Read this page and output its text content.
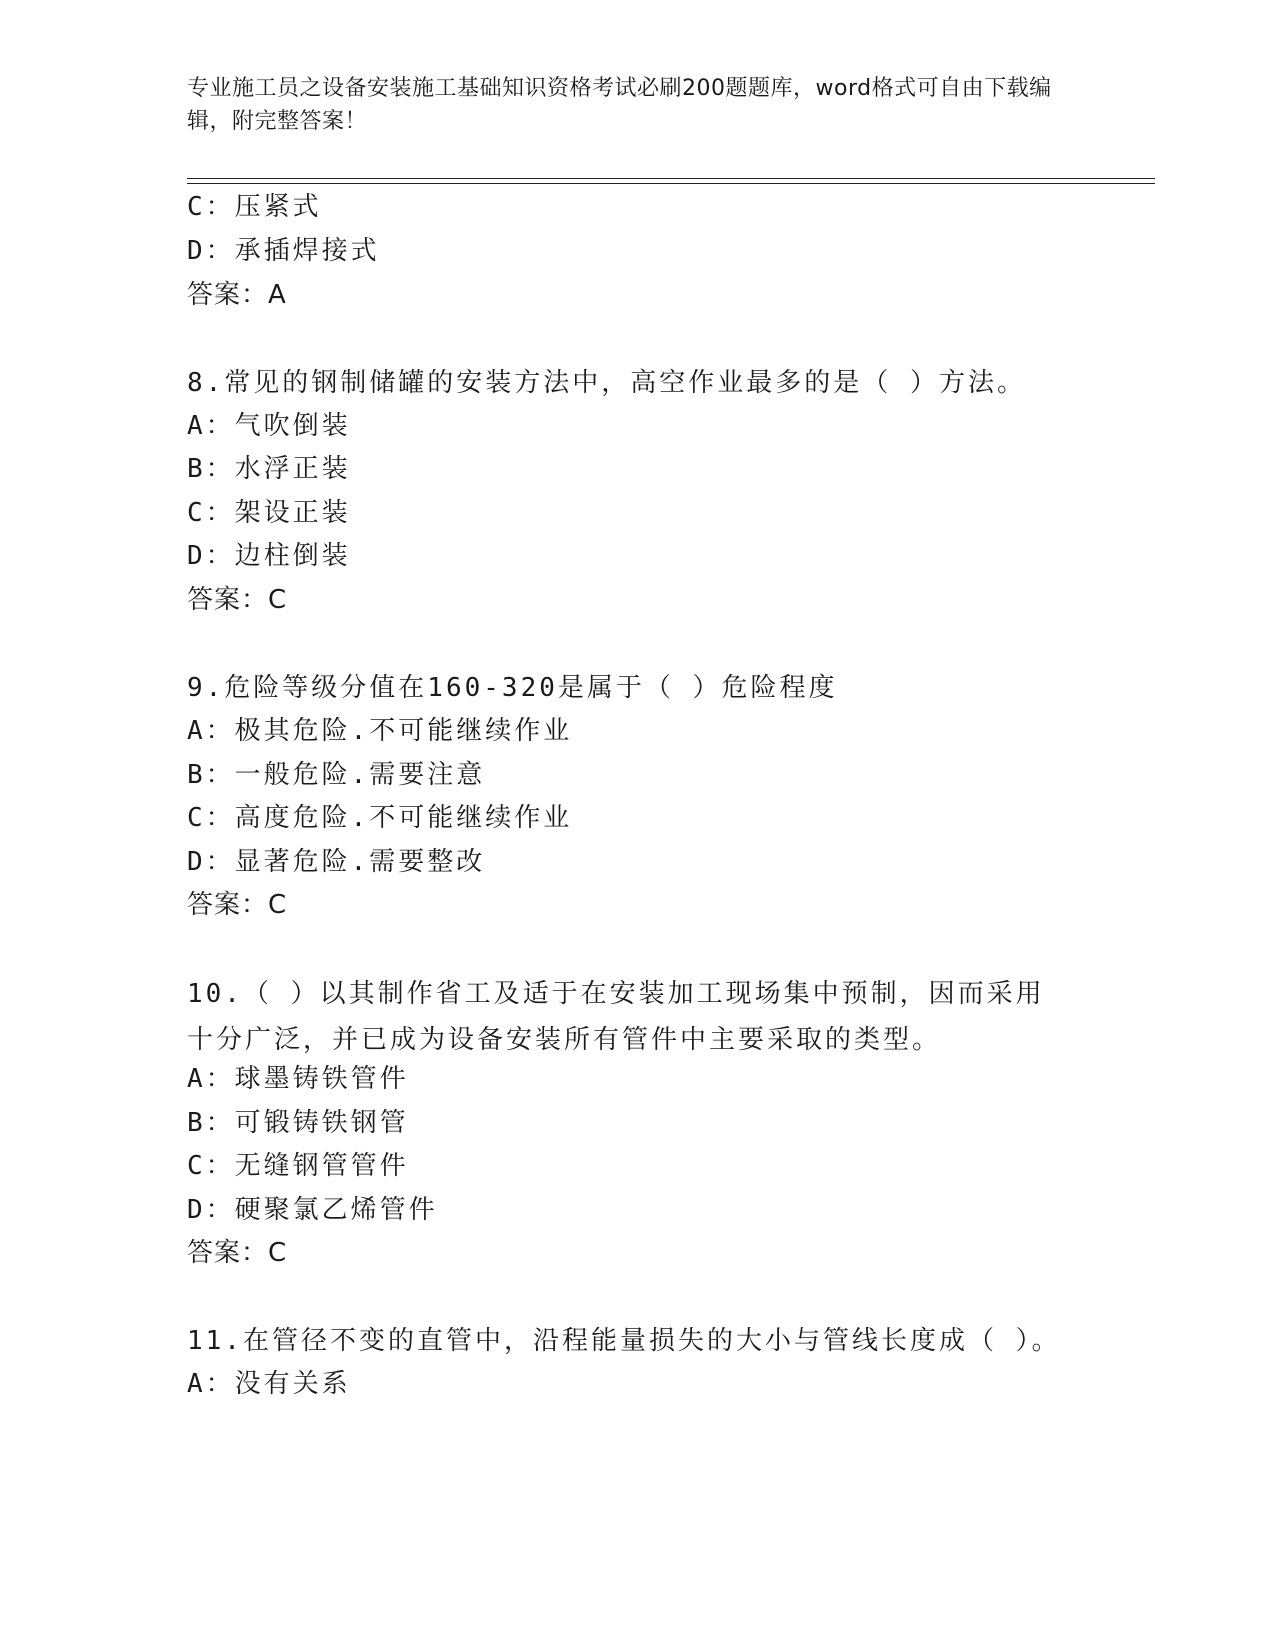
专业施工员之设备安装施工基础知识资格考试必刷200题题库，word格式可自由下载编辑，附完整答案！
C：压紧式
D：承插焊接式
答案：A
8.常见的钢制储罐的安装方法中，高空作业最多的是（ ）方法。
A：气吹倒装
B：水浮正装
C：架设正装
D：边柱倒装
答案：C
9.危险等级分值在160-320是属于（ ）危险程度
A：极其危险.不可能继续作业
B：一般危险.需要注意
C：高度危险.不可能继续作业
D：显著危险.需要整改
答案：C
10.（ ）以其制作省工及适于在安装加工现场集中预制，因而采用十分广泛，并已成为设备安装所有管件中主要采取的类型。
A：球墨铸铁管件
B：可锻铸铁钢管
C：无缝钢管管件
D：硬聚氯乙烯管件
答案：C
11.在管径不变的直管中，沿程能量损失的大小与管线长度成（ ）。
A：没有关系
